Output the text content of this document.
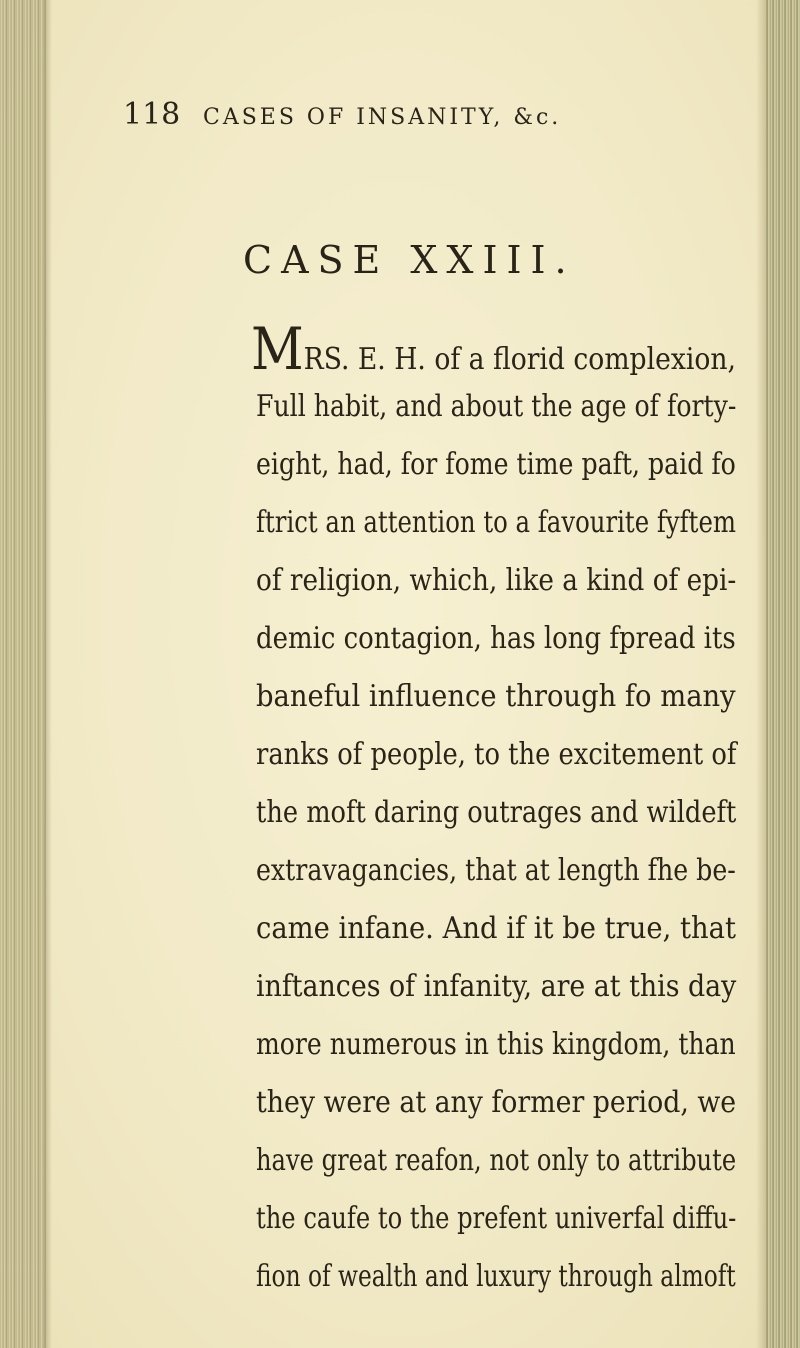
118 CASES OF INSANITY, &c.
CASE XXIII.
MRS. E. H. of a florid complexion,
Full habit, and about the age of forty-
eight, had, for fome time paft, paid fo
ftrict an attention to a favourite fyftem
of religion, which, like a kind of epi-
demic contagion, has long fpread its
baneful influence through fo many
ranks of people, to the excitement of
the moft daring outrages and wildeft
extravagancies, that at length fhe be-
came infane. And if it be true, that
inftances of infanity, are at this day
more numerous in this kingdom, than
they were at any former period, we
have great reafon, not only to attribute
the caufe to the prefent univerfal diffu-
fion of wealth and luxury through almoft
